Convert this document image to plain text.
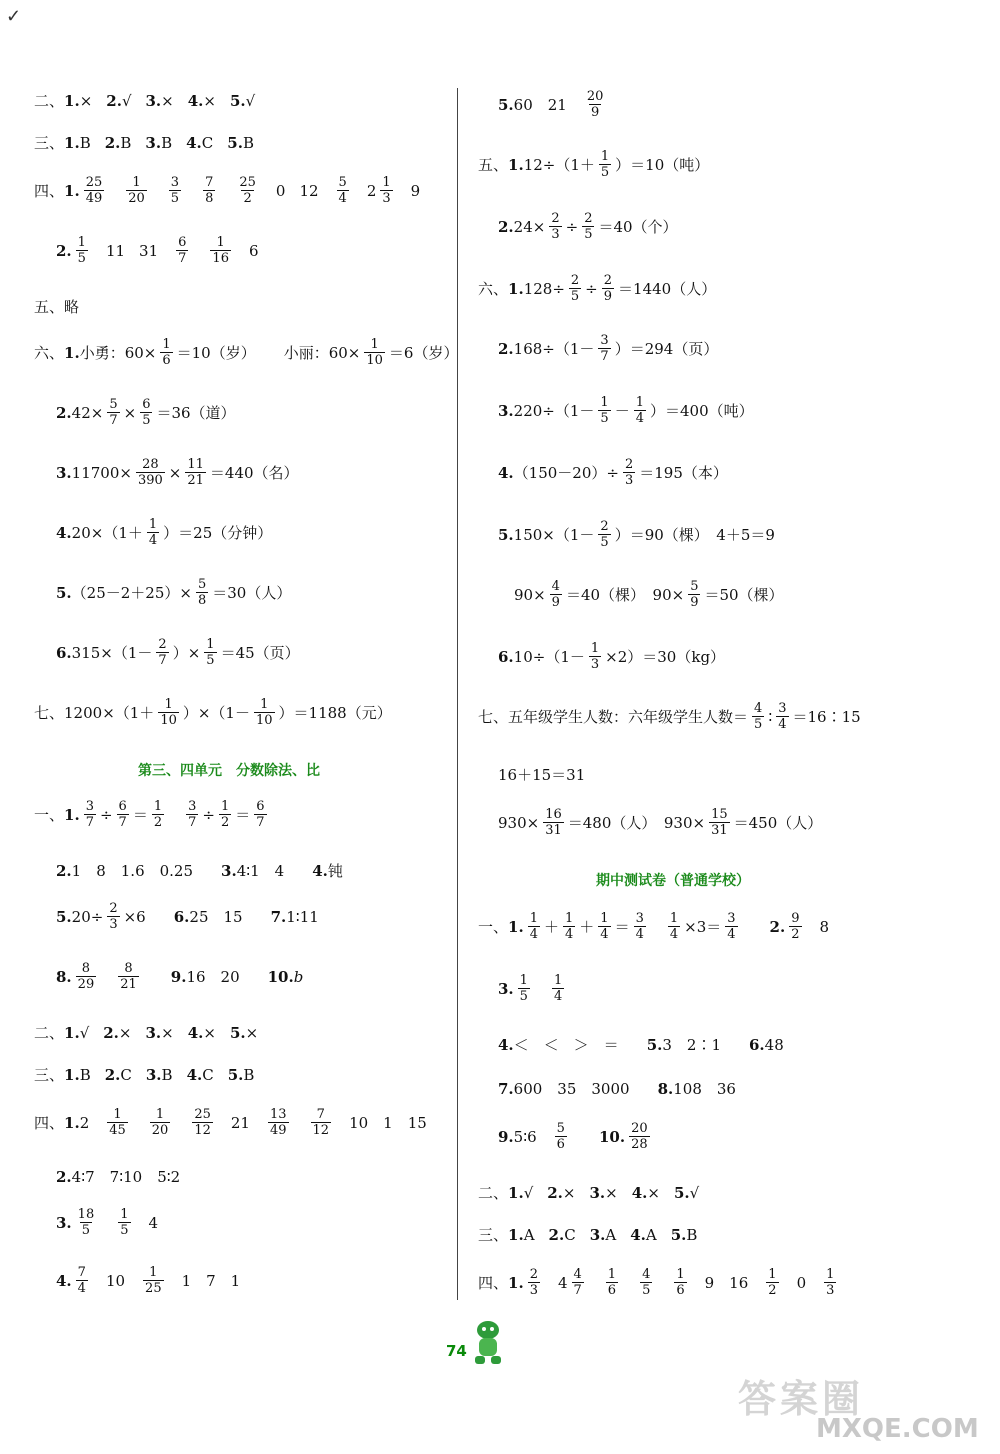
✓
二、 1. × 2. √ 3. × 4. × 5. √
三、 1. B 2. B 3. B 4. C 5. B
四、 1. $\frac{25}{49} \frac{1}{20} \frac{3}{5} \frac{7}{8} \frac{25}{2} 0$ $12 \frac{5}{4} 2 \frac{1}{3} 9$
2. $\frac{1}{5} 11$ $31 \frac{6}{7} \frac{1}{16} 6$
五、略
六、 1. 小勇：$60\times \frac{1}{6} =10$（岁） 小丽：$60\times \frac{1}{10} =6$（岁）
2. $42\times \frac{5}{7} \times \frac{6}{5} =36$（道）
3. $11700\times \frac{28}{390} \times \frac{11}{21} =440$（名）
4. $20\times(1+ \frac{1}{4} )=25$（分钟）
5. $(25-2+25)\times \frac{5}{8} =30$（人）
6. $315\times(1- \frac{2}{7}$ ）× $\frac{1}{5} =45$（页）
七、 $1200\times(1+ \frac{1}{10} )\times(1- \frac{1}{10} )=1188$（元）
第三、四单元　分数除法、比
一、 1. $\frac{3}{7} \div \frac{6}{7} = \frac{1}{2} \frac{3}{7} \div \frac{1}{2} = \frac{6}{7}$
2. 1　8　1.6　0.25 3. 4∶1　4 4. 钝
5. $20\div \frac{2}{3} \times 6$ 6. 25　15 7. 1∶11
8. $\frac{8}{29} \frac{8}{21} 9$. 16　20 10. b
二、 1. √ 2. × 3. × 4. × 5. ×
三、 1. B 2. C 3. B 4. C 5. B
四、 1. $2 \frac{1}{45} \frac{1}{20} \frac{25}{12} 21 \frac{13}{49} \frac{7}{12} 10$　1　15
2. 4∶7　7∶10　5∶2
3. $\frac{18}{5} \frac{1}{5} 4$
4. $\frac{7}{4} 10 \frac{1}{25} 1$　7　1
5. 60　$21 \frac{20}{9}$
五、 1. $12\div(1+ \frac{1}{5} )=10$（吨）
2. $24\times \frac{2}{3} \div \frac{2}{5} =40$（个）
六、 1. $128\div \frac{2}{5} \div \frac{2}{9} =1440$（人）
2. $168\div(1- \frac{3}{7} )=294$（页）
3. $220\div(1- \frac{1}{5} - \frac{1}{4} )=400$（吨）
4. $(150-20)\div \frac{2}{3} =195$（本）
5. $150\times(1- \frac{2}{5} )=90$（棵）　4＋5＝9
$90\times \frac{4}{9} =40$（棵）　$90\times \frac{5}{9} =50$（棵）
6. $10\div(1- \frac{1}{3} \times 2)=30(kg)$
七、 五年级学生人数：六年级学生人数＝ $\frac{4}{5}$ ∶ $\frac{3}{4}$ ＝16∶15
16＋15＝31
$930\times \frac{16}{31} =480$（人）　$930\times \frac{15}{31} =450$（人）
期中测试卷（普通学校）
一、 1. $\frac{1}{4} + \frac{1}{4} + \frac{1}{4} = \frac{3}{4} \frac{1}{4} \times 3= \frac{3}{4} 2$. $\frac{9}{2} 8$
3. $\frac{1}{5} \frac{1}{4}$
4. ＜　＜　＞　＝ 5. 3　2∶1 6. 48
7. 600　35　3000 8. 108　36
9. 5∶6 $\frac{5}{6} 10$. $\frac{20}{28}$
二、 1. √ 2. × 3. × 4. × 5. √
三、 1. A 2. C 3. A 4. A 5. B
四、 1. $\frac{2}{3} 4 \frac{4}{7} \frac{1}{6} \frac{4}{5} \frac{1}{6} 9$　$16 \frac{1}{2} 0 \frac{1}{3}$
74
答案圈
MXQE.COM
